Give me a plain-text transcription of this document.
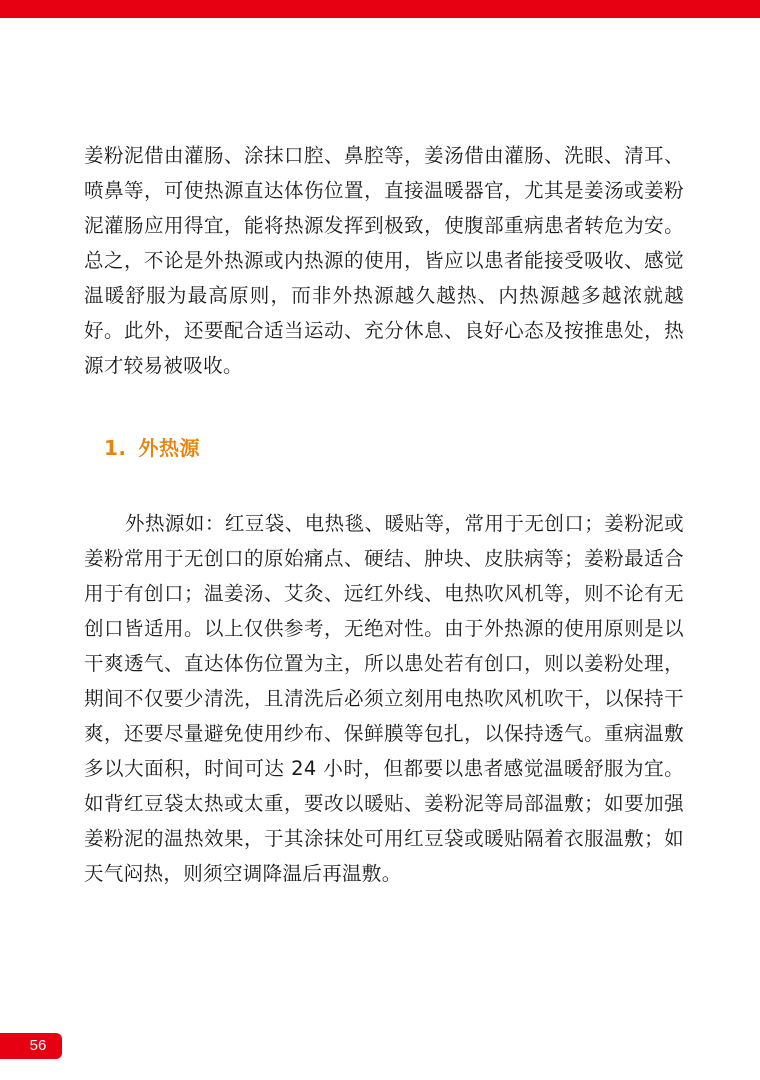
姜粉泥借由灌肠、涂抹口腔、鼻腔等，姜汤借由灌肠、洗眼、清耳、喷鼻等，可使热源直达体伤位置，直接温暖器官，尤其是姜汤或姜粉泥灌肠应用得宜，能将热源发挥到极致，使腹部重病患者转危为安。总之，不论是外热源或内热源的使用，皆应以患者能接受吸收、感觉温暖舒服为最高原则，而非外热源越久越热、内热源越多越浓就越好。此外，还要配合适当运动、充分休息、良好心态及按推患处，热源才较易被吸收。

1. 外热源

外热源如：红豆袋、电热毯、暖贴等，常用于无创口；姜粉泥或姜粉常用于无创口的原始痛点、硬结、肿块、皮肤病等；姜粉最适合用于有创口；温姜汤、艾灸、远红外线、电热吹风机等，则不论有无创口皆适用。以上仅供参考，无绝对性。由于外热源的使用原则是以干爽透气、直达体伤位置为主，所以患处若有创口，则以姜粉处理，期间不仅要少清洗，且清洗后必须立刻用电热吹风机吹干，以保持干爽，还要尽量避免使用纱布、保鲜膜等包扎，以保持透气。重病温敷多以大面积，时间可达 24 小时，但都要以患者感觉温暖舒服为宜。如背红豆袋太热或太重，要改以暖贴、姜粉泥等局部温敷；如要加强姜粉泥的温热效果，于其涂抹处可用红豆袋或暖贴隔着衣服温敷；如天气闷热，则须空调降温后再温敷。

56
